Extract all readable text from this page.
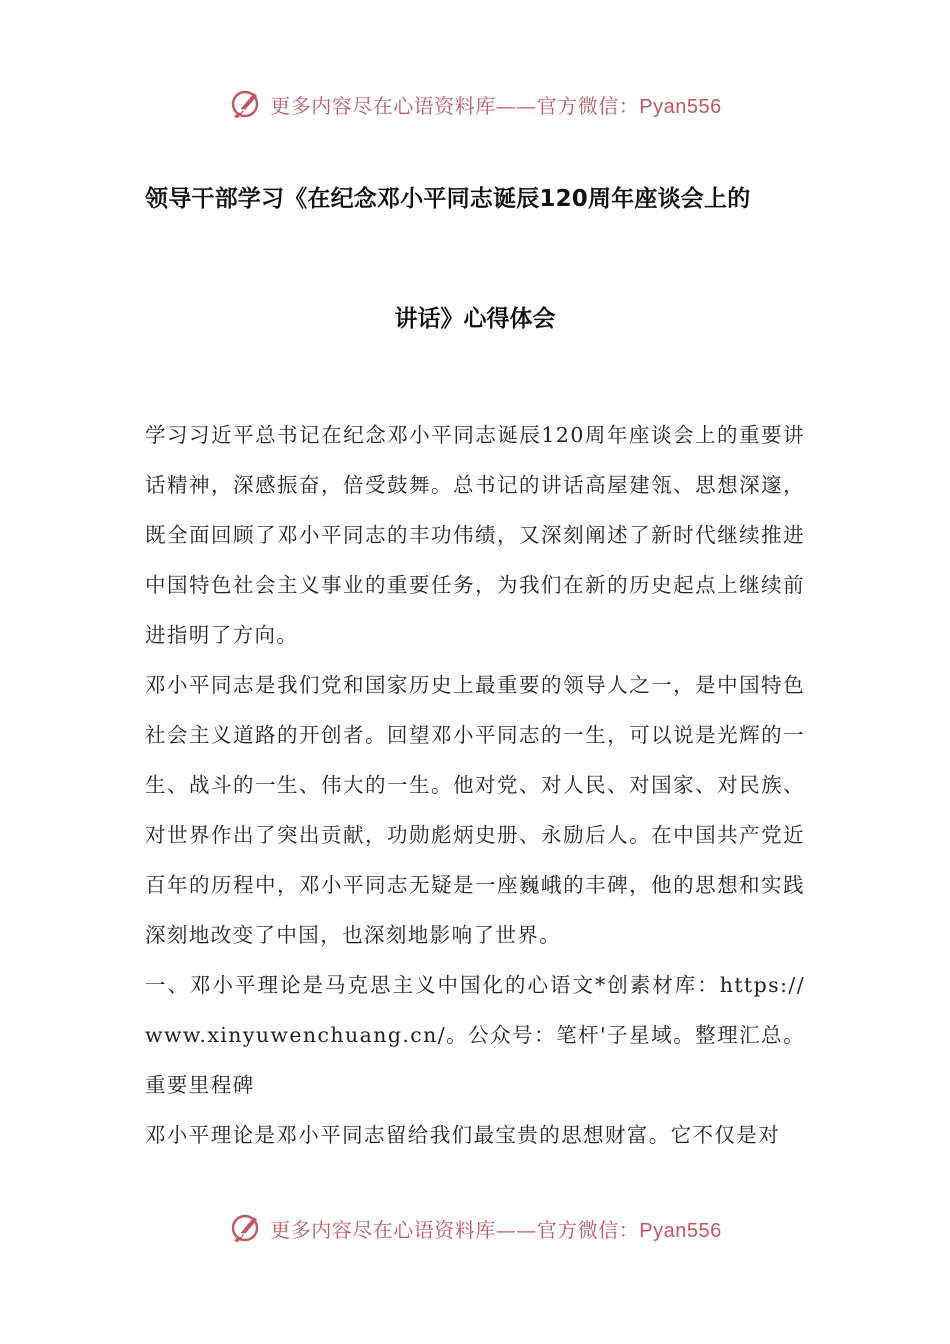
更多内容尽在心语资料库——官方微信：Pyan556
领导干部学习《在纪念邓小平同志诞辰120周年座谈会上的
讲话》心得体会

学习习近平总书记在纪念邓小平同志诞辰120周年座谈会上的重要讲话精神，深感振奋，倍受鼓舞。总书记的讲话高屋建瓴、思想深邃，既全面回顾了邓小平同志的丰功伟绩，又深刻阐述了新时代继续推进中国特色社会主义事业的重要任务，为我们在新的历史起点上继续前进指明了方向。

邓小平同志是我们党和国家历史上最重要的领导人之一，是中国特色社会主义道路的开创者。回望邓小平同志的一生，可以说是光辉的一生、战斗的一生、伟大的一生。他对党、对人民、对国家、对民族、对世界作出了突出贡献，功勋彪炳史册、永励后人。在中国共产党近百年的历程中，邓小平同志无疑是一座巍峨的丰碑，他的思想和实践深刻地改变了中国，也深刻地影响了世界。

一、邓小平理论是马克思主义中国化的心语文*创素材库：https://www.xinyuwenchuang.cn/。公众号：笔杆'子星域。整理汇总。重要里程碑

邓小平理论是邓小平同志留给我们最宝贵的思想财富。它不仅是对

更多内容尽在心语资料库——官方微信：Pyan556
